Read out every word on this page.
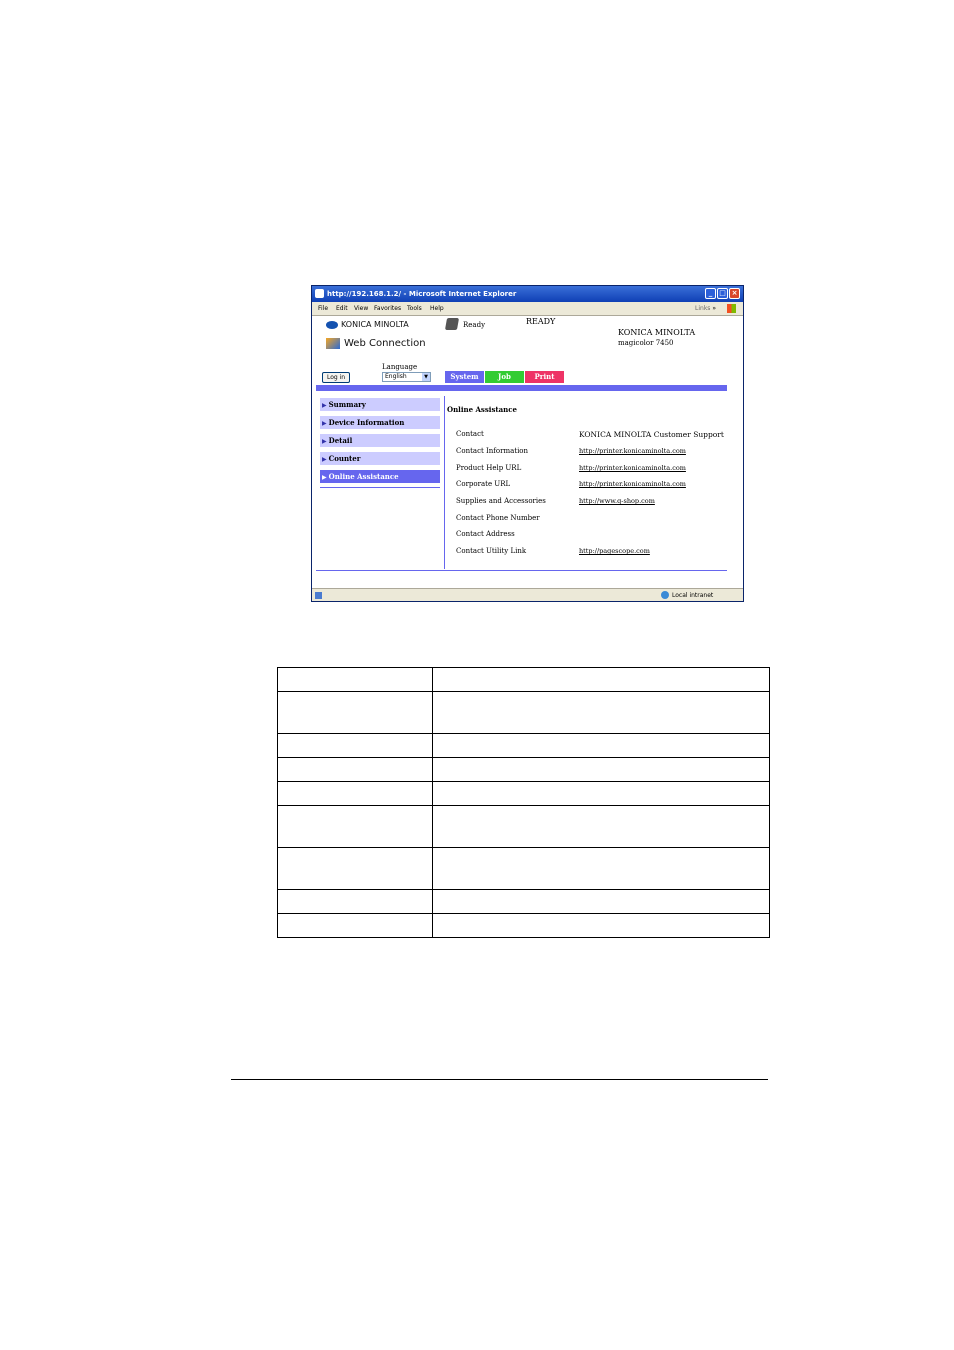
http://192.168.1.2/ - Microsoft Internet Explorer	_ □ ×
File Edit View Favorites Tools Help	Links »
KONICA MINOLTA
Web Connection
Ready	READY
KONICA MINOLTA
magicolor 7450
Language
English	▼
Log in	System	Job	Print
▶ Summary
▶ Device Information
▶ Detail
▶ Counter
▶ Online Assistance
Online Assistance
Contact	KONICA MINOLTA Customer Support
Contact Information	http://printer.konicaminolta.com
Product Help URL	http://printer.konicaminolta.com
Corporate URL	http://printer.konicaminolta.com
Supplies and Accessories	http://www.q-shop.com
Contact Phone Number
Contact Address
Contact Utility Link	http://pagescope.com
Local intranet
